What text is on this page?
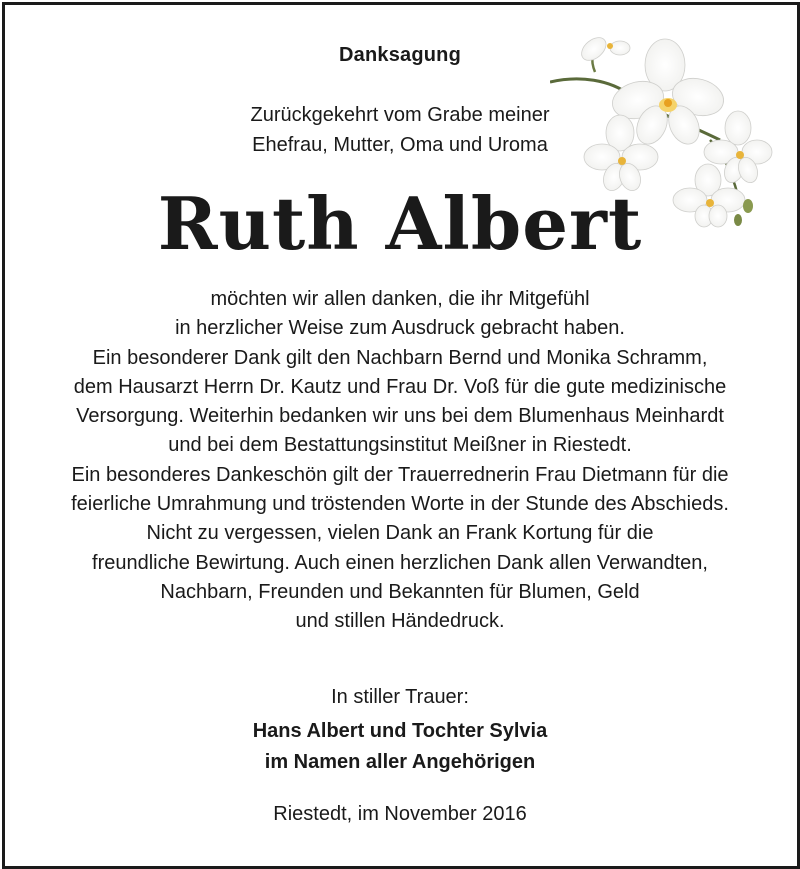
Danksagung
Zurückgekehrt vom Grabe meiner
Ehefrau, Mutter, Oma und Uroma
Ruth Albert
möchten wir allen danken, die ihr Mitgefühl
in herzlicher Weise zum Ausdruck gebracht haben.
Ein besonderer Dank gilt den Nachbarn Bernd und Monika Schramm,
dem Hausarzt Herrn Dr. Kautz und Frau Dr. Voß für die gute medizinische
Versorgung. Weiterhin bedanken wir uns bei dem Blumenhaus Meinhardt
und bei dem Bestattungsinstitut Meißner in Riestedt.
Ein besonderes Dankeschön gilt der Trauerrednerin Frau Dietmann für die
feierliche Umrahmung und tröstenden Worte in der Stunde des Abschieds.
Nicht zu vergessen, vielen Dank an Frank Kortung für die
freundliche Bewirtung. Auch einen herzlichen Dank allen Verwandten,
Nachbarn, Freunden und Bekannten für Blumen, Geld
und stillen Händedruck.
In stiller Trauer:
Hans Albert und Tochter Sylvia
im Namen aller Angehörigen
Riestedt, im November 2016
